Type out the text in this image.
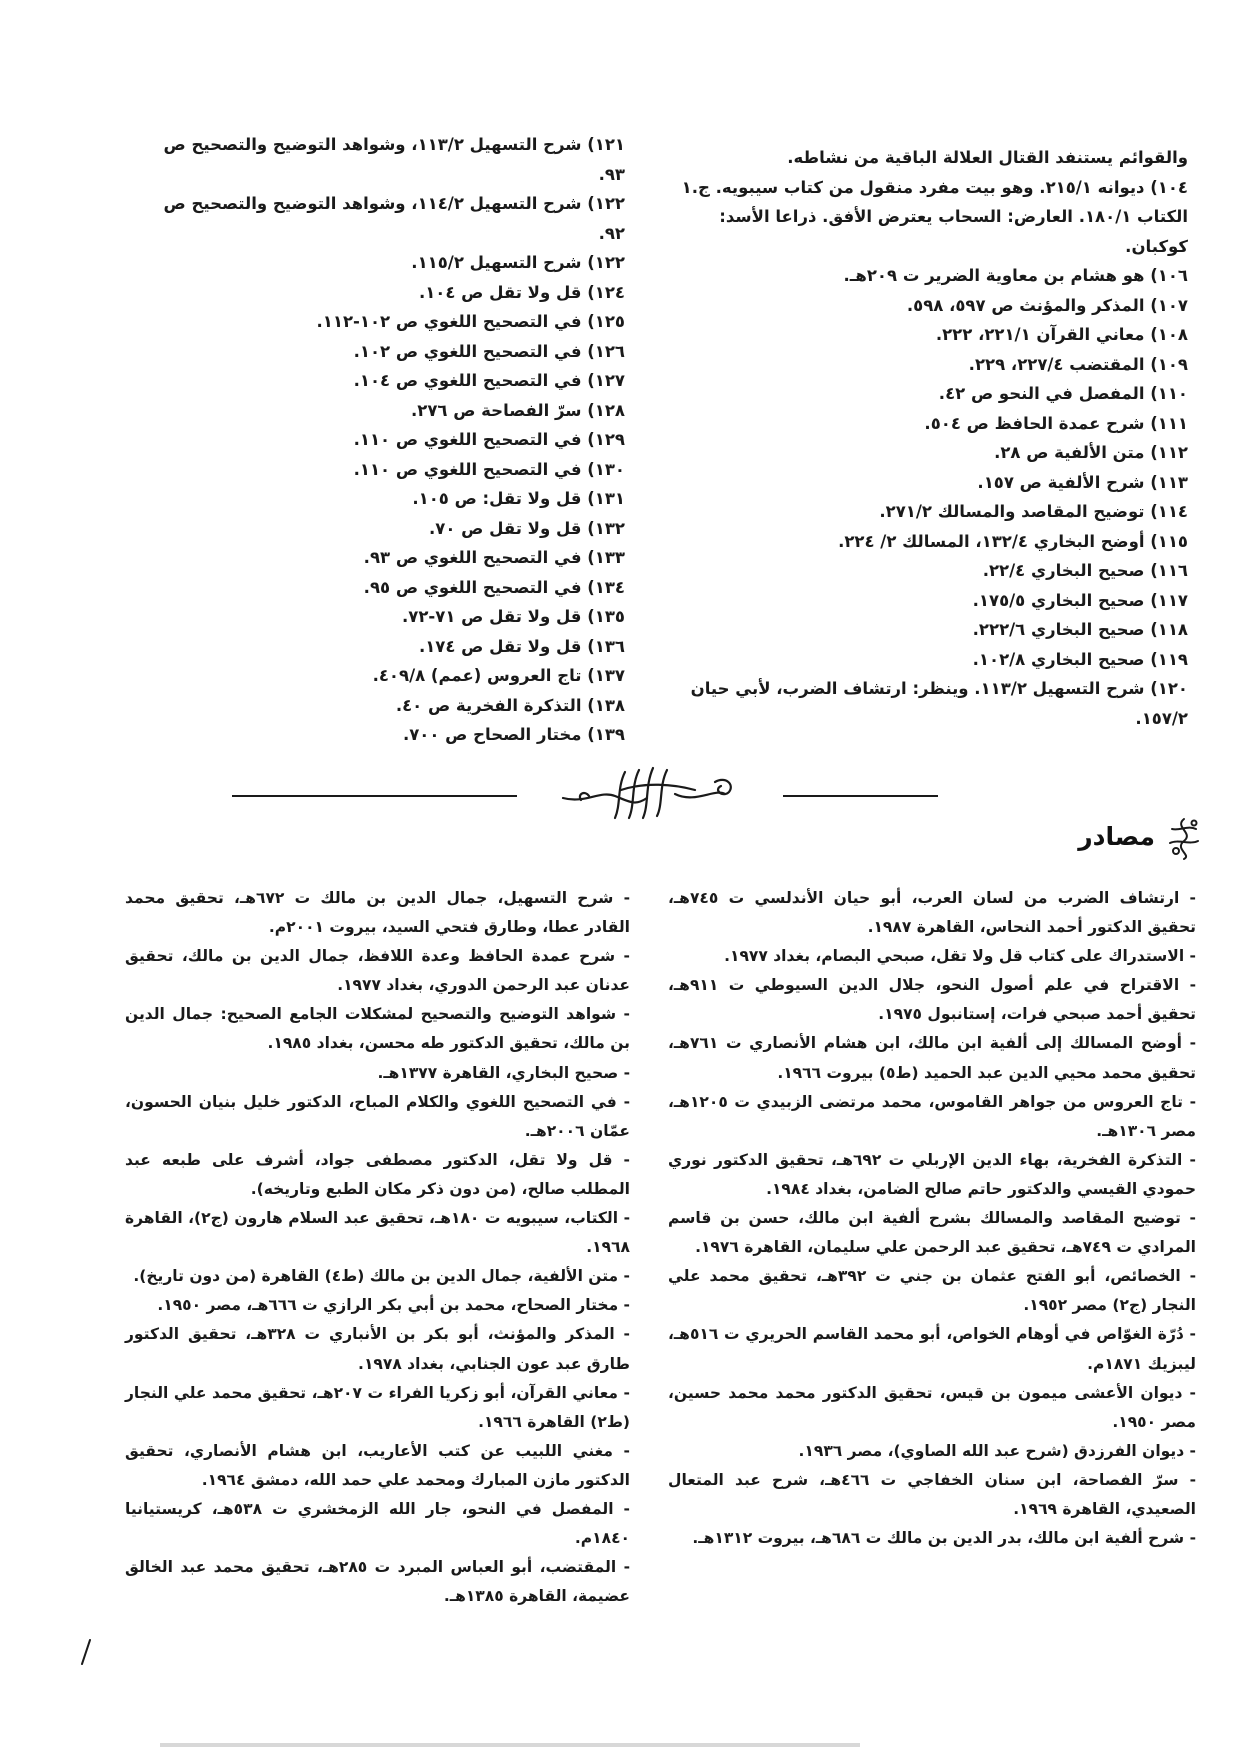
والقوائم يستنفد القتال العلالة الباقية من نشاطه.

١٠٤) ديوانه ٢١٥/١. وهو بيت مفرد منقول من كتاب سيبويه. ج.١

الكتاب ١٨٠/١. العارض: السحاب يعترض الأفق. ذراعا الأسد:

كوكبان.

١٠٦) هو هشام بن معاوية الضرير ت ٢٠٩هـ.

١٠٧) المذكر والمؤنث ص ٥٩٧، ٥٩٨.

١٠٨) معاني القرآن ٢٢١/١، ٢٢٢.

١٠٩) المقتضب ٢٢٧/٤، ٢٢٩.

١١٠) المفصل في النحو ص ٤٢.

١١١) شرح عمدة الحافظ ص ٥٠٤.

١١٢) متن الألفية ص ٢٨.

١١٣) شرح الألفية ص ١٥٧.

١١٤) توضيح المقاصد والمسالك ٢٧١/٢.

١١٥) أوضح البخاري ١٣٢/٤، المسالك ٢/ ٢٢٤.

١١٦) صحيح البخاري ٢٢/٤.

١١٧) صحيح البخاري ١٧٥/٥.

١١٨) صحيح البخاري ٢٢٢/٦.

١١٩) صحيح البخاري ١٠٢/٨.

١٢٠) شرح التسهيل ١١٣/٢. وينظر: ارتشاف الضرب، لأبي حيان

١٥٧/٢.

١٢١) شرح التسهيل ١١٣/٢، وشواهد التوضيح والتصحيح ص ٩٣.

١٢٢) شرح التسهيل ١١٤/٢، وشواهد التوضيح والتصحيح ص ٩٢.

١٢٢) شرح التسهيل ١١٥/٢.

١٢٤) قل ولا تقل ص ١٠٤.

١٢٥) في التصحيح اللغوي ص ١٠٢-١١٢.

١٢٦) في التصحيح اللغوي ص ١٠٢.

١٢٧) في التصحيح اللغوي ص ١٠٤.

١٢٨) سرّ الفصاحة ص ٢٧٦.

١٢٩) في التصحيح اللغوي ص ١١٠.

١٣٠) في التصحيح اللغوي ص ١١٠.

١٣١) قل ولا تقل: ص ١٠٥.

١٣٢) قل ولا تقل ص ٧٠.

١٣٣) في التصحيح اللغوي ص ٩٣.

١٣٤) في التصحيح اللغوي ص ٩٥.

١٣٥) قل ولا تقل ص ٧١-٧٢.

١٣٦) قل ولا تقل ص ١٧٤.

١٣٧) تاج العروس (عمم) ٤٠٩/٨.

١٣٨) التذكرة الفخرية ص ٤٠.

١٣٩) مختار الصحاح ص ٧٠٠.

مصادر

- ارتشاف الضرب من لسان العرب، أبو حيان الأندلسي ت ٧٤٥هـ، تحقيق الدكتور أحمد النحاس، القاهرة ١٩٨٧.

- الاستدراك على كتاب قل ولا تقل، صبحي البصام، بغداد ١٩٧٧.

- الاقتراح في علم أصول النحو، جلال الدين السيوطي ت ٩١١هـ، تحقيق أحمد صبحي فرات، إستانبول ١٩٧٥.

- أوضح المسالك إلى ألفية ابن مالك، ابن هشام الأنصاري ت ٧٦١هـ، تحقيق محمد محيي الدين عبد الحميد (ط٥) بيروت ١٩٦٦.

- تاج العروس من جواهر القاموس، محمد مرتضى الزبيدي ت ١٢٠٥هـ، مصر ١٣٠٦هـ.

- التذكرة الفخرية، بهاء الدين الإربلي ت ٦٩٢هـ، تحقيق الدكتور نوري حمودي القيسي والدكتور حاتم صالح الضامن، بغداد ١٩٨٤.

- توضيح المقاصد والمسالك بشرح ألفية ابن مالك، حسن بن قاسم المرادي ت ٧٤٩هـ، تحقيق عبد الرحمن علي سليمان، القاهرة ١٩٧٦.

- الخصائص، أبو الفتح عثمان بن جني ت ٣٩٢هـ، تحقيق محمد علي النجار (ج٢) مصر ١٩٥٢.

- دُرّة الغوّاص في أوهام الخواص، أبو محمد القاسم الحريري ت ٥١٦هـ، ليبزيك ١٨٧١م.

- ديوان الأعشى ميمون بن قيس، تحقيق الدكتور محمد محمد حسين، مصر ١٩٥٠.

- ديوان الفرزدق (شرح عبد الله الصاوي)، مصر ١٩٣٦.

- سرّ الفصاحة، ابن سنان الخفاجي ت ٤٦٦هـ، شرح عبد المتعال الصعيدي، القاهرة ١٩٦٩.

- شرح ألفية ابن مالك، بدر الدين بن مالك ت ٦٨٦هـ، بيروت ١٣١٢هـ.

- شرح التسهيل، جمال الدين بن مالك ت ٦٧٢هـ، تحقيق محمد القادر عطا، وطارق فتحي السيد، بيروت ٢٠٠١م.

- شرح عمدة الحافظ وعدة اللافظ، جمال الدين بن مالك، تحقيق عدنان عبد الرحمن الدوري، بغداد ١٩٧٧.

- شواهد التوضيح والتصحيح لمشكلات الجامع الصحيح: جمال الدين بن مالك، تحقيق الدكتور طه محسن، بغداد ١٩٨٥.

- صحيح البخاري، القاهرة ١٣٧٧هـ.

- في التصحيح اللغوي والكلام المباح، الدكتور خليل بنيان الحسون، عمّان ٢٠٠٦هـ.

- قل ولا تقل، الدكتور مصطفى جواد، أشرف على طبعه عبد المطلب صالح، (من دون ذكر مكان الطبع وتاريخه).

- الكتاب، سيبويه ت ١٨٠هـ، تحقيق عبد السلام هارون (ج٢)، القاهرة ١٩٦٨.

- متن الألفية، جمال الدين بن مالك (ط٤) القاهرة (من دون تاريخ).

- مختار الصحاح، محمد بن أبي بكر الرازي ت ٦٦٦هـ، مصر ١٩٥٠.

- المذكر والمؤنث، أبو بكر بن الأنباري ت ٣٢٨هـ، تحقيق الدكتور طارق عبد عون الجنابي، بغداد ١٩٧٨.

- معاني القرآن، أبو زكريا الفراء ت ٢٠٧هـ، تحقيق محمد علي النجار (ط٢) القاهرة ١٩٦٦.

- مغني اللبيب عن كتب الأعاريب، ابن هشام الأنصاري، تحقيق الدكتور مازن المبارك ومحمد علي حمد الله، دمشق ١٩٦٤.

- المفصل في النحو، جار الله الزمخشري ت ٥٣٨هـ، كريستيانيا ١٨٤٠م.

- المقتضب، أبو العباس المبرد ت ٢٨٥هـ، تحقيق محمد عبد الخالق عضيمة، القاهرة ١٣٨٥هـ.
